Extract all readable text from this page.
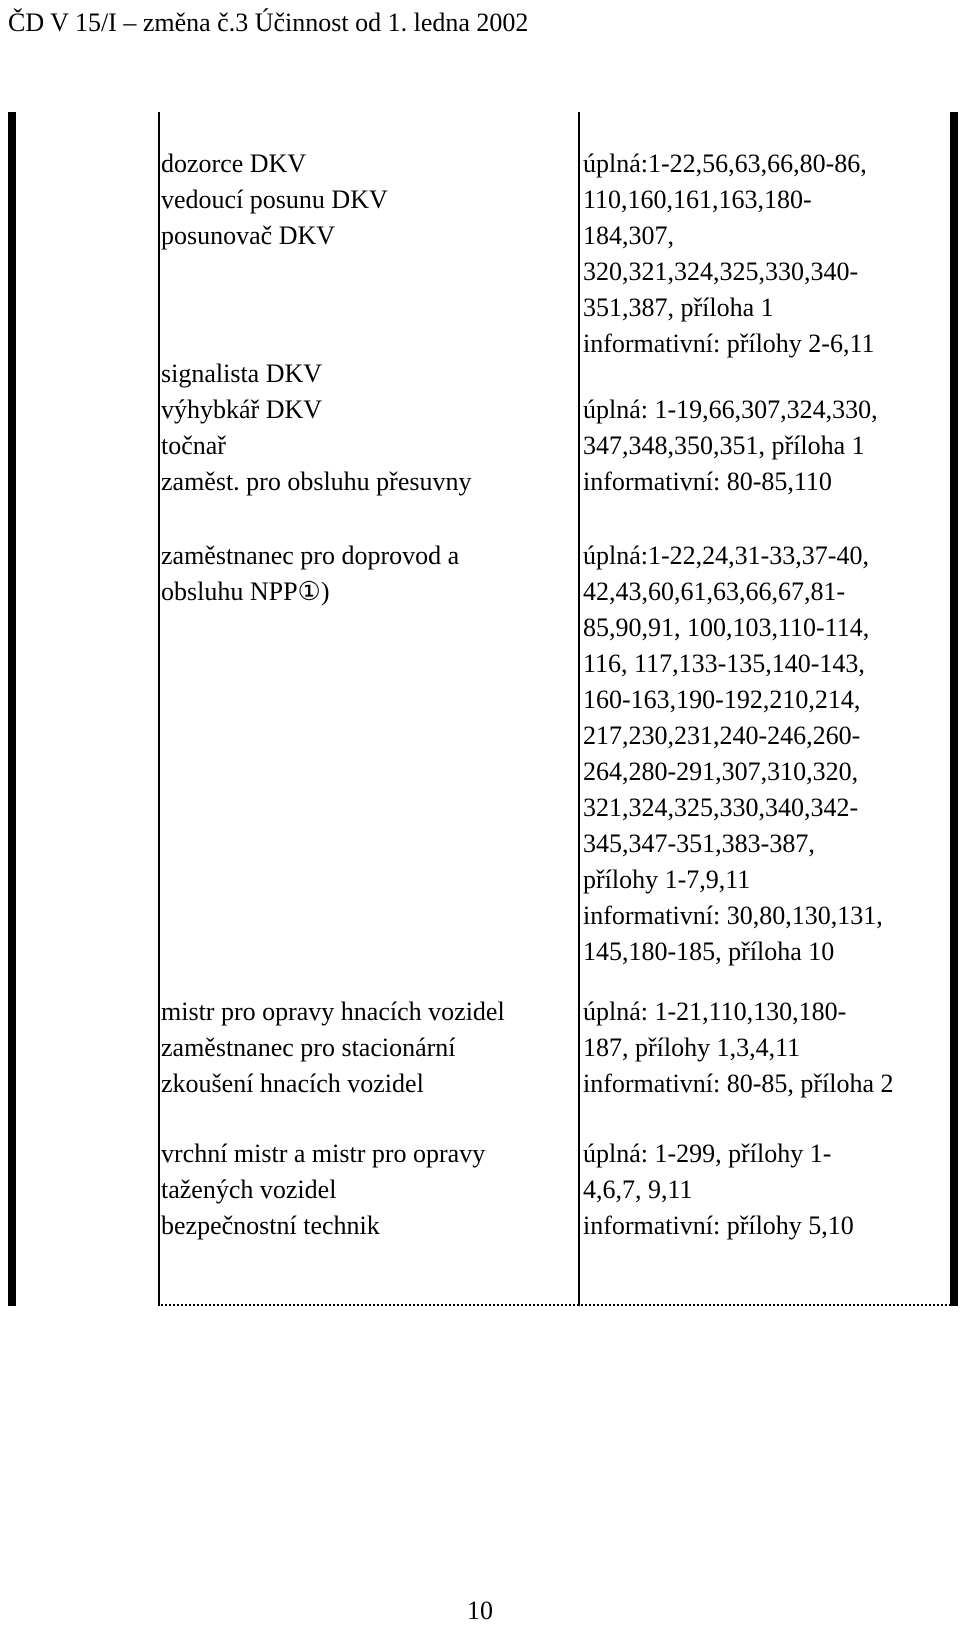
ČD V 15/I – změna č.3 Účinnost od 1. ledna 2002
dozorce DKV
vedoucí posunu DKV
posunovač DKV
úplná:1-22,56,63,66,80-86,
110,160,161,163,180-
184,307,
320,321,324,325,330,340-
351,387, příloha 1
informativní: přílohy 2-6,11
signalista DKV
výhybkář DKV
točnař
zaměst. pro obsluhu přesuvny
úplná: 1-19,66,307,324,330,
347,348,350,351, příloha 1
informativní: 80-85,110
zaměstnanec pro doprovod a
obsluhu NPP①)
úplná:1-22,24,31-33,37-40,
42,43,60,61,63,66,67,81-
85,90,91, 100,103,110-114,
116, 117,133-135,140-143,
160-163,190-192,210,214,
217,230,231,240-246,260-
264,280-291,307,310,320,
321,324,325,330,340,342-
345,347-351,383-387,
přílohy 1-7,9,11
informativní: 30,80,130,131,
145,180-185, příloha 10
mistr pro opravy hnacích vozidel
zaměstnanec pro stacionární
zkoušení hnacích vozidel
úplná: 1-21,110,130,180-
187, přílohy 1,3,4,11
informativní: 80-85, příloha 2
vrchní mistr a mistr pro opravy
tažených vozidel
bezpečnostní technik
úplná: 1-299, přílohy 1-
4,6,7, 9,11
informativní: přílohy 5,10
10
